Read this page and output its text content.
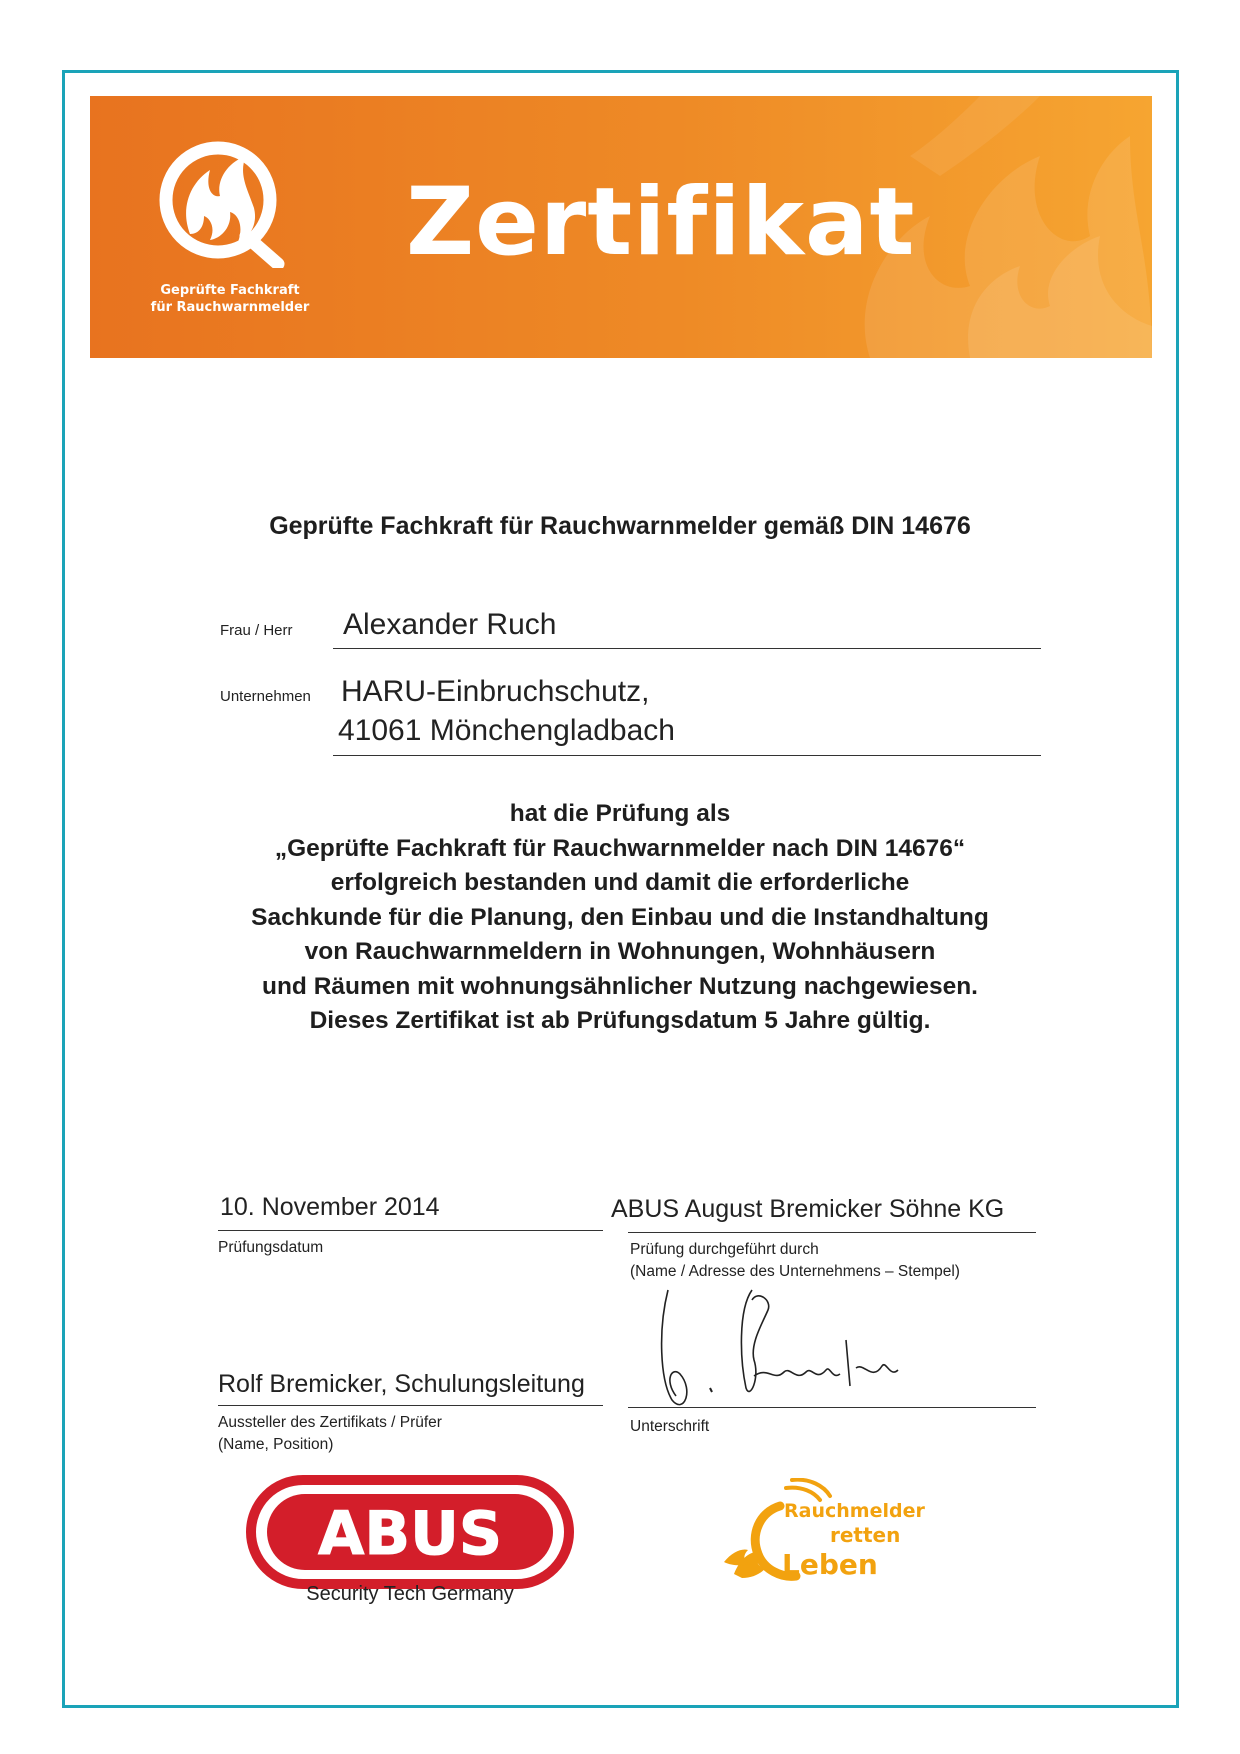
Geprüfte Fachkraft
für Rauchwarnmelder
Zertifikat
Geprüfte Fachkraft für Rauchwarnmelder gemäß DIN 14676
Frau / Herr Alexander Ruch
Unternehmen HARU-Einbruchschutz,
41061 Mönchengladbach
hat die Prüfung als
„Geprüfte Fachkraft für Rauchwarnmelder nach DIN 14676“
erfolgreich bestanden und damit die erforderliche
Sachkunde für die Planung, den Einbau und die Instandhaltung
von Rauchwarnmeldern in Wohnungen, Wohnhäusern
und Räumen mit wohnungsähnlicher Nutzung nachgewiesen.
Dieses Zertifikat ist ab Prüfungsdatum 5 Jahre gültig.
10. November 2014
Prüfungsdatum
ABUS August Bremicker Söhne KG
Prüfung durchgeführt durch
(Name / Adresse des Unternehmens – Stempel)
Rolf Bremicker, Schulungsleitung
Aussteller des Zertifikats / Prüfer
(Name, Position)
Unterschrift
ABUS
Security Tech Germany
Rauchmelder
retten
Leben
